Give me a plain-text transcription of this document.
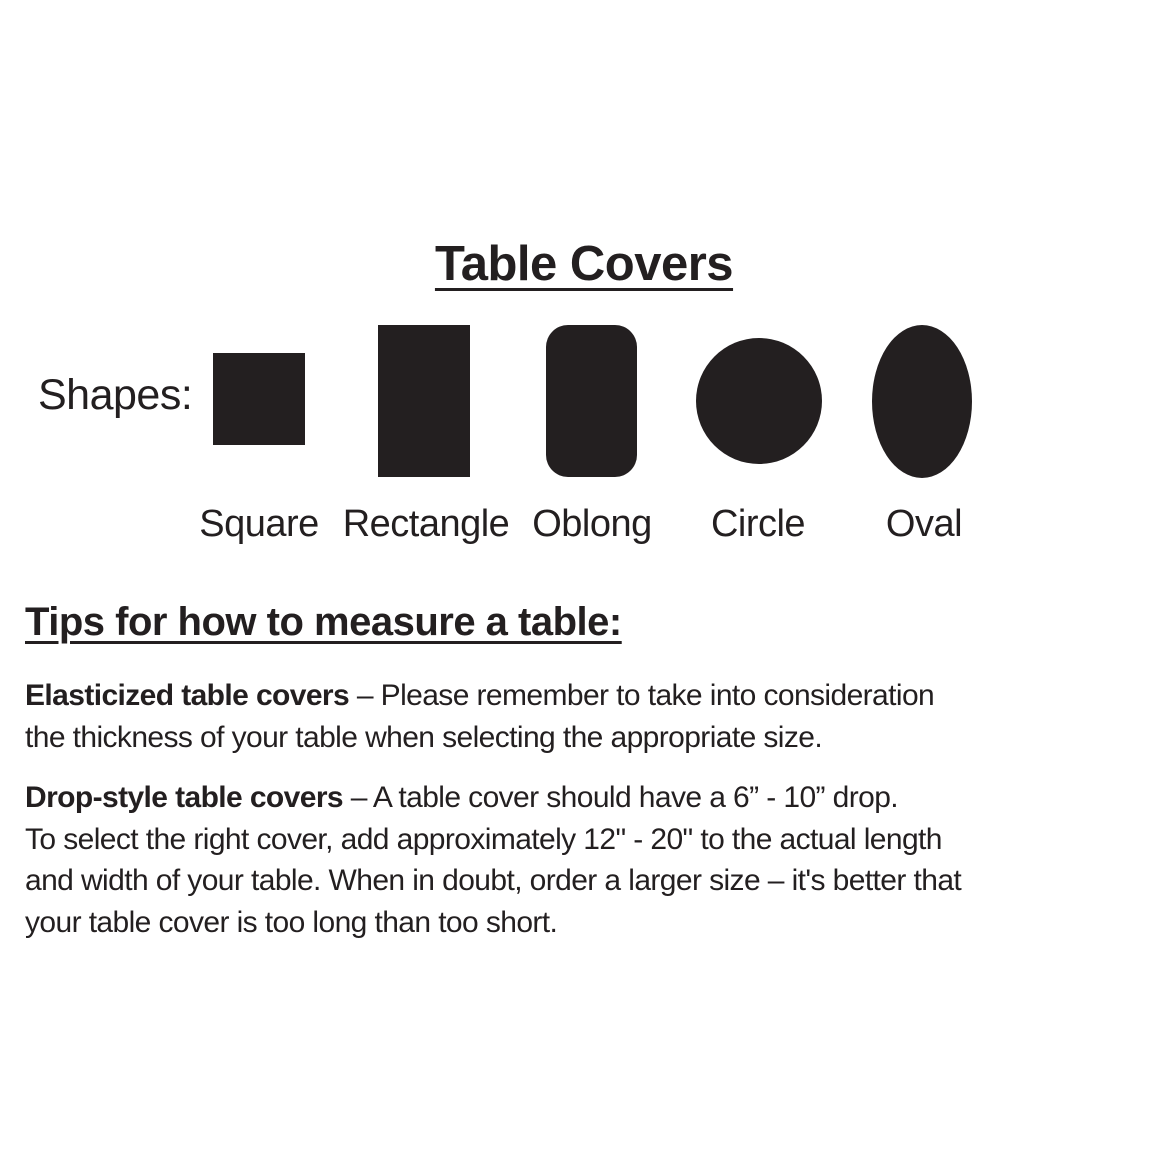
Table Covers
Shapes:
Square Rectangle Oblong Circle Oval
Tips for how to measure a table:

Elasticized table covers – Please remember to take into consideration
the thickness of your table when selecting the appropriate size.

Drop-style table covers – A table cover should have a 6” - 10” drop.
To select the right cover, add approximately 12" - 20" to the actual length
and width of your table. When in doubt, order a larger size – it's better that
your table cover is too long than too short.
